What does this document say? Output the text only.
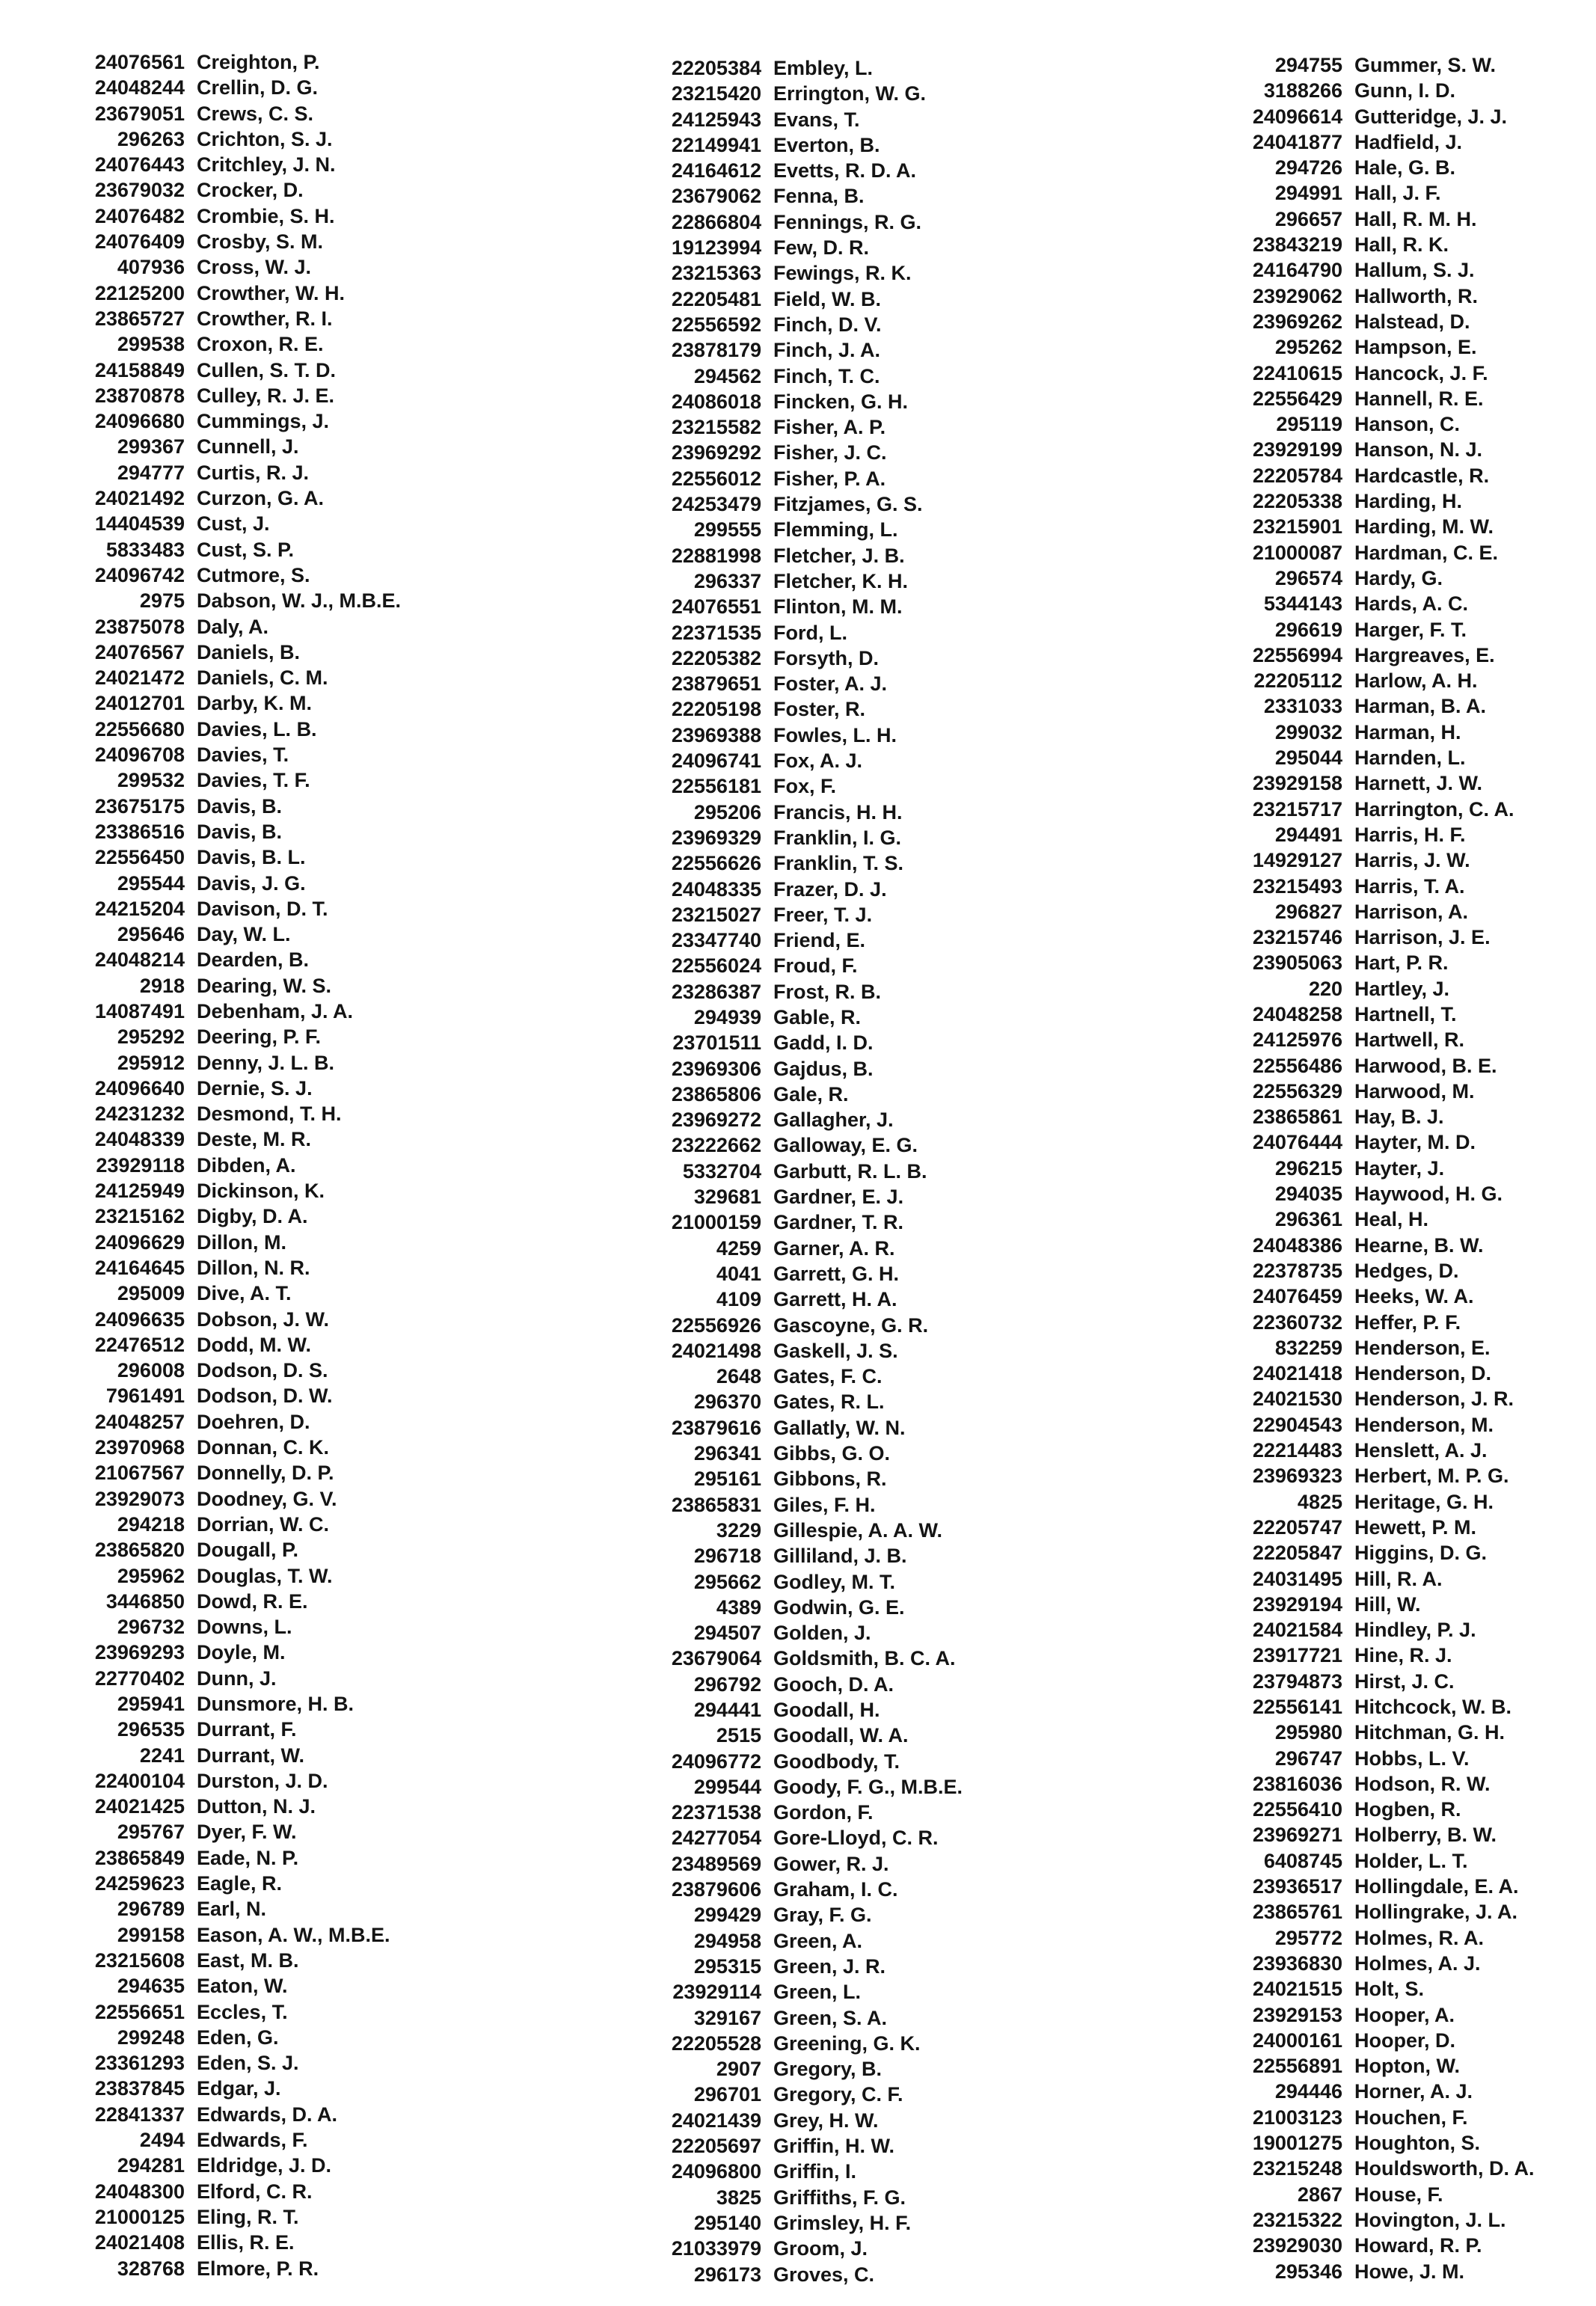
24076561 Creighton, P.
24048244 Crellin, D. G.
23679051 Crews, C. S.
296263 Crichton, S. J.
24076443 Critchley, J. N.
23679032 Crocker, D.
24076482 Crombie, S. H.
24076409 Crosby, S. M.
407936 Cross, W. J.
22125200 Crowther, W. H.
23865727 Crowther, R. I.
299538 Croxon, R. E.
24158849 Cullen, S. T. D.
23870878 Culley, R. J. E.
24096680 Cummings, J.
299367 Cunnell, J.
294777 Curtis, R. J.
24021492 Curzon, G. A.
14404539 Cust, J.
5833483 Cust, S. P.
24096742 Cutmore, S.
2975 Dabson, W. J., M.B.E.
23875078 Daly, A.
24076567 Daniels, B.
24021472 Daniels, C. M.
24012701 Darby, K. M.
22556680 Davies, L. B.
24096708 Davies, T.
299532 Davies, T. F.
23675175 Davis, B.
23386516 Davis, B.
22556450 Davis, B. L.
295544 Davis, J. G.
24215204 Davison, D. T.
295646 Day, W. L.
24048214 Dearden, B.
2918 Dearing, W. S.
14087491 Debenham, J. A.
295292 Deering, P. F.
295912 Denny, J. L. B.
24096640 Dernie, S. J.
24231232 Desmond, T. H.
24048339 Deste, M. R.
23929118 Dibden, A.
24125949 Dickinson, K.
23215162 Digby, D. A.
24096629 Dillon, M.
24164645 Dillon, N. R.
295009 Dive, A. T.
24096635 Dobson, J. W.
22476512 Dodd, M. W.
296008 Dodson, D. S.
7961491 Dodson, D. W.
24048257 Doehren, D.
23970968 Donnan, C. K.
21067567 Donnelly, D. P.
23929073 Doodney, G. V.
294218 Dorrian, W. C.
23865820 Dougall, P.
295962 Douglas, T. W.
3446850 Dowd, R. E.
296732 Downs, L.
23969293 Doyle, M.
22770402 Dunn, J.
295941 Dunsmore, H. B.
296535 Durrant, F.
2241 Durrant, W.
22400104 Durston, J. D.
24021425 Dutton, N. J.
295767 Dyer, F. W.
23865849 Eade, N. P.
24259623 Eagle, R.
296789 Earl, N.
299158 Eason, A. W., M.B.E.
23215608 East, M. B.
294635 Eaton, W.
22556651 Eccles, T.
299248 Eden, G.
23361293 Eden, S. J.
23837845 Edgar, J.
22841337 Edwards, D. A.
2494 Edwards, F.
294281 Eldridge, J. D.
24048300 Elford, C. R.
21000125 Eling, R. T.
24021408 Ellis, R. E.
328768 Elmore, P. R.
22205384 Embley, L.
23215420 Errington, W. G.
24125943 Evans, T.
22149941 Everton, B.
24164612 Evetts, R. D. A.
23679062 Fenna, B.
22866804 Fennings, R. G.
19123994 Few, D. R.
23215363 Fewings, R. K.
22205481 Field, W. B.
22556592 Finch, D. V.
23878179 Finch, J. A.
294562 Finch, T. C.
24086018 Fincken, G. H.
23215582 Fisher, A. P.
23969292 Fisher, J. C.
22556012 Fisher, P. A.
24253479 Fitzjames, G. S.
299555 Flemming, L.
22881998 Fletcher, J. B.
296337 Fletcher, K. H.
24076551 Flinton, M. M.
22371535 Ford, L.
22205382 Forsyth, D.
23879651 Foster, A. J.
22205198 Foster, R.
23969388 Fowles, L. H.
24096741 Fox, A. J.
22556181 Fox, F.
295206 Francis, H. H.
23969329 Franklin, I. G.
22556626 Franklin, T. S.
24048335 Frazer, D. J.
23215027 Freer, T. J.
23347740 Friend, E.
22556024 Froud, F.
23286387 Frost, R. B.
294939 Gable, R.
23701511 Gadd, I. D.
23969306 Gajdus, B.
23865806 Gale, R.
23969272 Gallagher, J.
23222662 Galloway, E. G.
5332704 Garbutt, R. L. B.
329681 Gardner, E. J.
21000159 Gardner, T. R.
4259 Garner, A. R.
4041 Garrett, G. H.
4109 Garrett, H. A.
22556926 Gascoyne, G. R.
24021498 Gaskell, J. S.
2648 Gates, F. C.
296370 Gates, R. L.
23879616 Gallatly, W. N.
296341 Gibbs, G. O.
295161 Gibbons, R.
23865831 Giles, F. H.
3229 Gillespie, A. A. W.
296718 Gilliland, J. B.
295662 Godley, M. T.
4389 Godwin, G. E.
294507 Golden, J.
23679064 Goldsmith, B. C. A.
296792 Gooch, D. A.
294441 Goodall, H.
2515 Goodall, W. A.
24096772 Goodbody, T.
299544 Goody, F. G., M.B.E.
22371538 Gordon, F.
24277054 Gore-Lloyd, C. R.
23489569 Gower, R. J.
23879606 Graham, I. C.
299429 Gray, F. G.
294958 Green, A.
295315 Green, J. R.
23929114 Green, L.
329167 Green, S. A.
22205528 Greening, G. K.
2907 Gregory, B.
296701 Gregory, C. F.
24021439 Grey, H. W.
22205697 Griffin, H. W.
24096800 Griffin, I.
3825 Griffiths, F. G.
295140 Grimsley, H. F.
21033979 Groom, J.
296173 Groves, C.
294755 Gummer, S. W.
3188266 Gunn, I. D.
24096614 Gutteridge, J. J.
24041877 Hadfield, J.
294726 Hale, G. B.
294991 Hall, J. F.
296657 Hall, R. M. H.
23843219 Hall, R. K.
24164790 Hallum, S. J.
23929062 Hallworth, R.
23969262 Halstead, D.
295262 Hampson, E.
22410615 Hancock, J. F.
22556429 Hannell, R. E.
295119 Hanson, C.
23929199 Hanson, N. J.
22205784 Hardcastle, R.
22205338 Harding, H.
23215901 Harding, M. W.
21000087 Hardman, C. E.
296574 Hardy, G.
5344143 Hards, A. C.
296619 Harger, F. T.
22556994 Hargreaves, E.
22205112 Harlow, A. H.
2331033 Harman, B. A.
299032 Harman, H.
295044 Harnden, L.
23929158 Harnett, J. W.
23215717 Harrington, C. A.
294491 Harris, H. F.
14929127 Harris, J. W.
23215493 Harris, T. A.
296827 Harrison, A.
23215746 Harrison, J. E.
23905063 Hart, P. R.
220 Hartley, J.
24048258 Hartnell, T.
24125976 Hartwell, R.
22556486 Harwood, B. E.
22556329 Harwood, M.
23865861 Hay, B. J.
24076444 Hayter, M. D.
296215 Hayter, J.
294035 Haywood, H. G.
296361 Heal, H.
24048386 Hearne, B. W.
22378735 Hedges, D.
24076459 Heeks, W. A.
22360732 Heffer, P. F.
832259 Henderson, E.
24021418 Henderson, D.
24021530 Henderson, J. R.
22904543 Henderson, M.
22214483 Henslett, A. J.
23969323 Herbert, M. P. G.
4825 Heritage, G. H.
22205747 Hewett, P. M.
22205847 Higgins, D. G.
24031495 Hill, R. A.
23929194 Hill, W.
24021584 Hindley, P. J.
23917721 Hine, R. J.
23794873 Hirst, J. C.
22556141 Hitchcock, W. B.
295980 Hitchman, G. H.
296747 Hobbs, L. V.
23816036 Hodson, R. W.
22556410 Hogben, R.
23969271 Holberry, B. W.
6408745 Holder, L. T.
23936517 Hollingdale, E. A.
23865761 Hollingrake, J. A.
295772 Holmes, R. A.
23936830 Holmes, A. J.
24021515 Holt, S.
23929153 Hooper, A.
24000161 Hooper, D.
22556891 Hopton, W.
294446 Horner, A. J.
21003123 Houchen, F.
19001275 Houghton, S.
23215248 Houldsworth, D. A.
2867 House, F.
23215322 Hovington, J. L.
23929030 Howard, R. P.
295346 Howe, J. M.
